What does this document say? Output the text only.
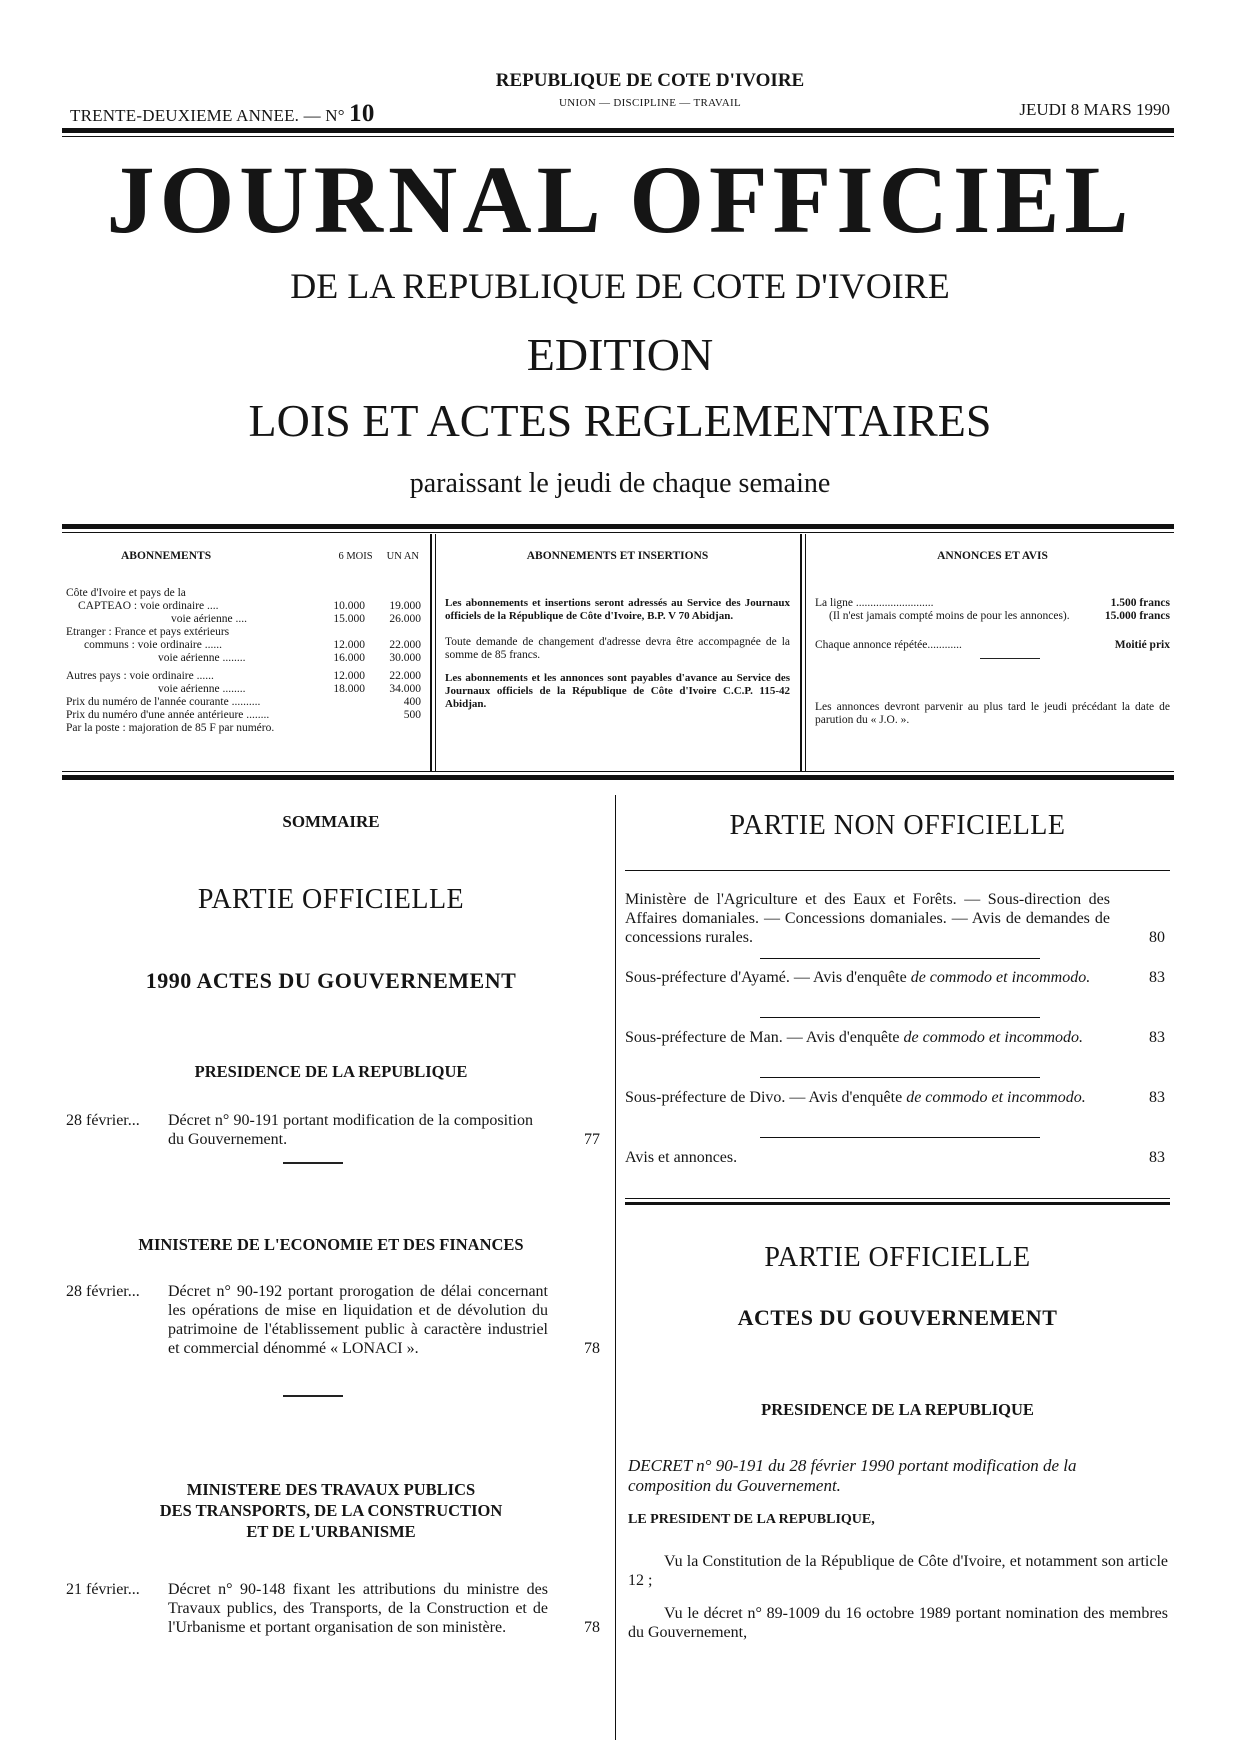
TRENTE-DEUXIEME ANNEE. — N° 10
REPUBLIQUE DE COTE D'IVOIRE
UNION — DISCIPLINE — TRAVAIL	JEUDI 8 MARS 1990
JOURNAL OFFICIEL
DE LA REPUBLIQUE DE COTE D'IVOIRE
EDITION
LOIS ET ACTES REGLEMENTAIRES
paraissant le jeudi de chaque semaine
ABONNEMENTS	6 MOIS UN AN
Côte d'Ivoire et pays de la
CAPTEAO : voie ordinaire ....	10.000	19.000
voie aérienne ....	15.000	26.000
Etranger : France et pays extérieurs
communs : voie ordinaire ......	12.000	22.000
voie aérienne ........	16.000	30.000
Autres pays : voie ordinaire ......	12.000	22.000
voie aérienne ........	18.000	34.000
Prix du numéro de l'année courante ..........	400
Prix du numéro d'une année antérieure ........	500
Par la poste : majoration de 85 F par numéro.
ABONNEMENTS ET INSERTIONS
Les abonnements et insertions seront adressés au Service des Journaux officiels de la République de Côte d'Ivoire, B.P. V 70 Abidjan.
Toute demande de changement d'adresse devra être accompagnée de la somme de 85 francs.
Les abonnements et les annonces sont payables d'avance au Service des Journaux officiels de la République de Côte d'Ivoire C.C.P. 115-42 Abidjan.
ANNONCES ET AVIS
La ligne ...........................	1.500 francs
(Il n'est jamais compté moins de pour les annonces).	15.000 francs
Chaque annonce répétée............	Moitié prix
Les annonces devront parvenir au plus tard le jeudi précédant la date de parution du « J.O. ».
SOMMAIRE
PARTIE OFFICIELLE
1990 ACTES DU GOUVERNEMENT
PRESIDENCE DE LA REPUBLIQUE
28 février... Décret n° 90-191 portant modification de la composition du Gouvernement.	77
MINISTERE DE L'ECONOMIE ET DES FINANCES
28 février... Décret n° 90-192 portant prorogation de délai concernant les opérations de mise en liquidation et de dévolution du patrimoine de l'établissement public à caractère industriel et commercial dénommé « LONACI ».	78
MINISTERE DES TRAVAUX PUBLICS
DES TRANSPORTS, DE LA CONSTRUCTION
ET DE L'URBANISME
21 février... Décret n° 90-148 fixant les attributions du ministre des Travaux publics, des Transports, de la Construction et de l'Urbanisme et portant organisation de son ministère.	78
PARTIE NON OFFICIELLE
Ministère de l'Agriculture et des Eaux et Forêts. — Sous-direction des Affaires domaniales. — Concessions domaniales. — Avis de demandes de concessions rurales.	80
Sous-préfecture d'Ayamé. — Avis d'enquête de commodo et incommodo.	83
Sous-préfecture de Man. — Avis d'enquête de commodo et incommodo.	83
Sous-préfecture de Divo. — Avis d'enquête de commodo et incommodo.	83
Avis et annonces.	83
PARTIE OFFICIELLE
ACTES DU GOUVERNEMENT
PRESIDENCE DE LA REPUBLIQUE
DECRET n° 90-191 du 28 février 1990 portant modification de la composition du Gouvernement.
LE PRESIDENT DE LA REPUBLIQUE,
Vu la Constitution de la République de Côte d'Ivoire, et notamment son article 12 ;
Vu le décret n° 89-1009 du 16 octobre 1989 portant nomination des membres du Gouvernement,
